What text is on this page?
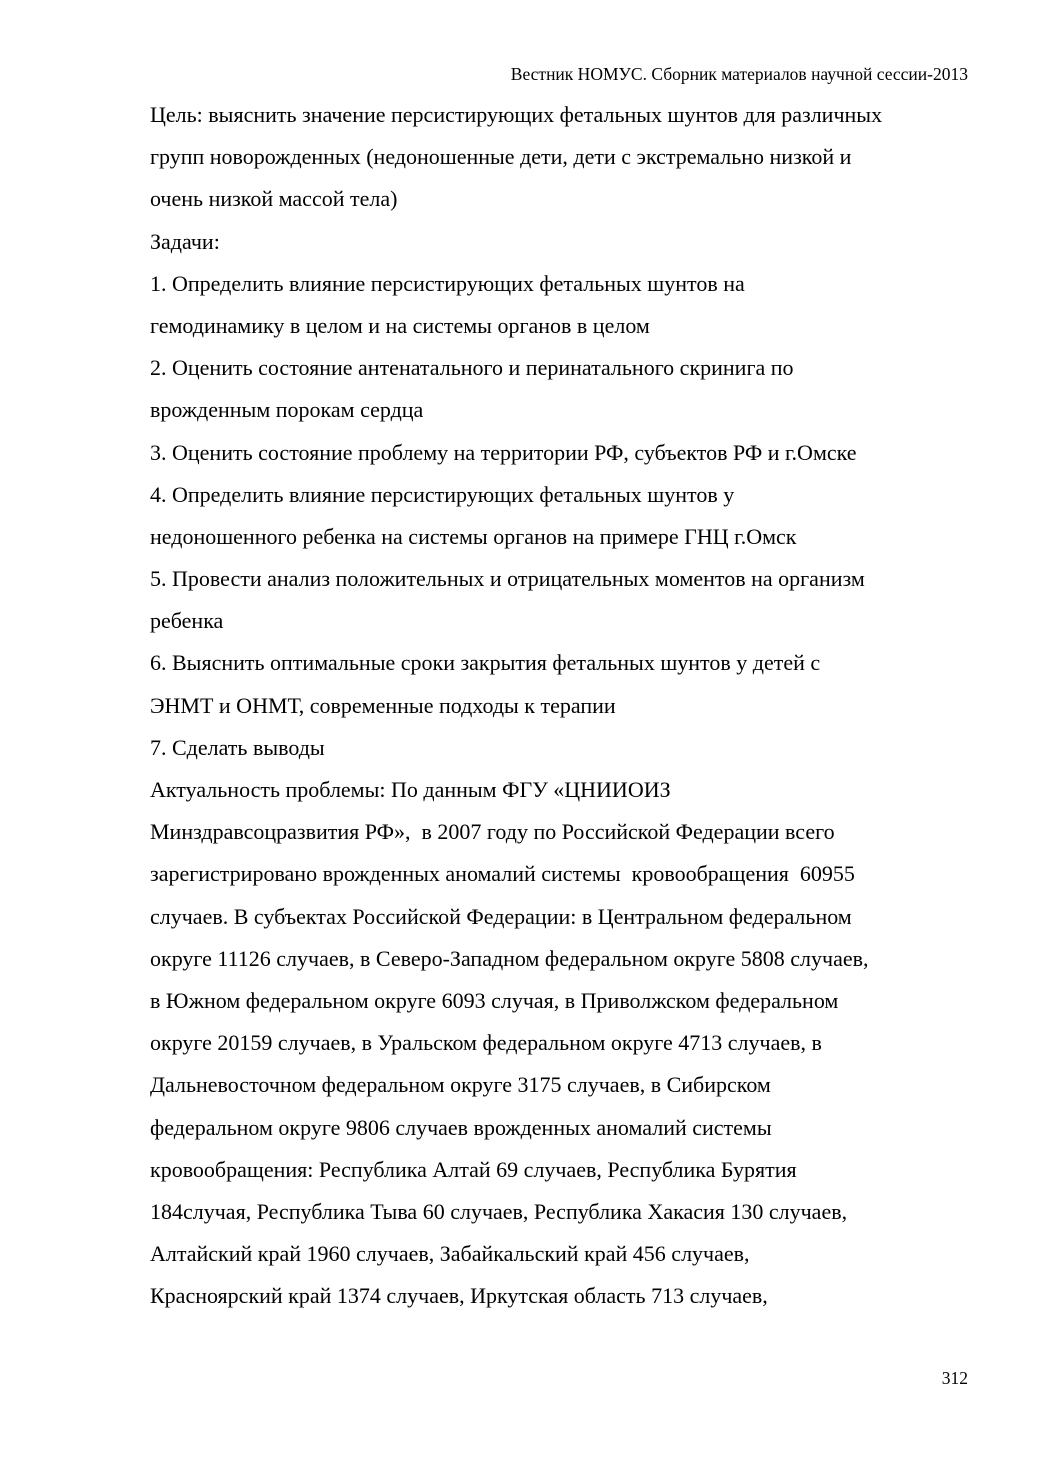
Вестник НОМУС. Сборник материалов научной сессии-2013
Цель: выяснить значение персистирующих фетальных шунтов для различных
групп новорожденных (недоношенные дети, дети с экстремально низкой и
очень низкой массой тела)
Задачи:
1. Определить влияние персистирующих фетальных шунтов на
гемодинамику в целом и на системы органов в целом
2. Оценить состояние антенатального и перинатального скринига по
врожденным порокам сердца
3. Оценить состояние проблему на территории РФ, субъектов РФ и г.Омске
4. Определить влияние персистирующих фетальных шунтов у
недоношенного ребенка на системы органов на примере ГНЦ г.Омск
5. Провести анализ положительных и отрицательных моментов на организм
ребенка
6. Выяснить оптимальные сроки закрытия фетальных шунтов у детей с
ЭНМТ и ОНМТ, современные подходы к терапии
7. Сделать выводы
Актуальность проблемы: По данным ФГУ «ЦНИИОИЗ
Минздравсоцразвития РФ»,  в 2007 году по Российской Федерации всего
зарегистрировано врожденных аномалий системы  кровообращения  60955
случаев. В субъектах Российской Федерации: в Центральном федеральном
округе 11126 случаев, в Северо-Западном федеральном округе 5808 случаев,
в Южном федеральном округе 6093 случая, в Приволжском федеральном
округе 20159 случаев, в Уральском федеральном округе 4713 случаев, в
Дальневосточном федеральном округе 3175 случаев, в Сибирском
федеральном округе 9806 случаев врожденных аномалий системы
кровообращения: Республика Алтай 69 случаев, Республика Бурятия
184случая, Республика Тыва 60 случаев, Республика Хакасия 130 случаев,
Алтайский край 1960 случаев, Забайкальский край 456 случаев,
Красноярский край 1374 случаев, Иркутская область 713 случаев,
312
